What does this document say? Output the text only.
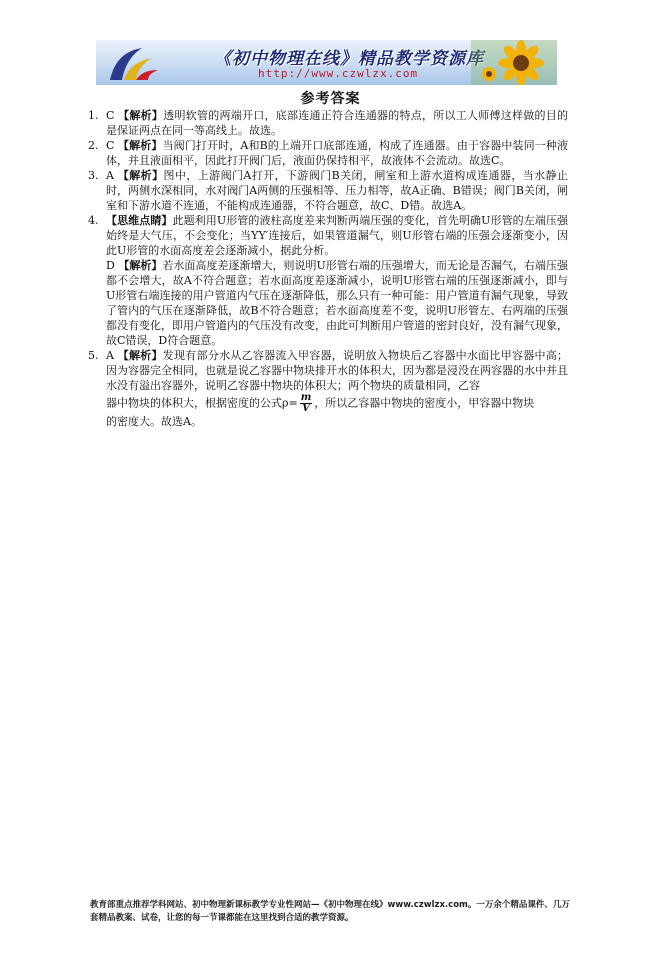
《初中物理在线》精品教学资源库
http://www.czwlzx.com
参考答案
1. C 【解析】透明软管的两端开口，底部连通正符合连通器的特点，所以工人师傅这样做的目的是保证两点在同一等高线上。故选。

2. C 【解析】当阀门打开时，A和B的上端开口底部连通，构成了连通器。由于容器中装同一种液体，并且液面相平，因此打开阀门后，液面仍保持相平，故液体不会流动。故选C。

3. A 【解析】图中，上游阀门A打开，下游阀门B关闭，闸室和上游水道构成连通器，当水静止时，两侧水深相同，水对阀门A两侧的压强相等、压力相等，故A正确、B错误；阀门B关闭，闸室和下游水道不连通，不能构成连通器，不符合题意，故C、D错。故选A。

4. 【思维点睛】此题利用U形管的液柱高度差来判断两端压强的变化，首先明确U形管的左端压强始终是大气压，不会变化；当YY′连接后，如果管道漏气，则U形管右端的压强会逐渐变小，因此U形管的水面高度差会逐渐减小，据此分析。

D 【解析】若水面高度差逐渐增大，则说明U形管右端的压强增大，而无论是否漏气，右端压强都不会增大，故A不符合题意；若水面高度差逐渐减小，说明U形管右端的压强逐渐减小，即与U形管右端连接的用户管道内气压在逐渐降低，那么只有一种可能：用户管道有漏气现象，导致了管内的气压在逐渐降低，故B不符合题意；若水面高度差不变，说明U形管左、右两端的压强都没有变化，即用户管道内的气压没有改变，由此可判断用户管道的密封良好，没有漏气现象，故C错误，D符合题意。

5. A 【解析】发现有部分水从乙容器流入甲容器，说明放入物块后乙容器中水面比甲容器中高；因为容器完全相同，也就是说乙容器中物块排开水的体积大，因为都是浸没在两容器的水中并且水没有溢出容器外，说明乙容器中物块的体积大；两个物块的质量相同，乙容

器中物块的体积大，根据密度的公式$\rho= \frac{m}{V}$ ，所以乙容器中物块的密度小，甲容器中物块

的密度大。故选A。

教育部重点推荐学科网站、初中物理新课标教学专业性网站—《初中物理在线》www.czwlzx.com。一万余个精品课件、几万套精品教案、试卷，让您的每一节课都能在这里找到合适的教学资源。
